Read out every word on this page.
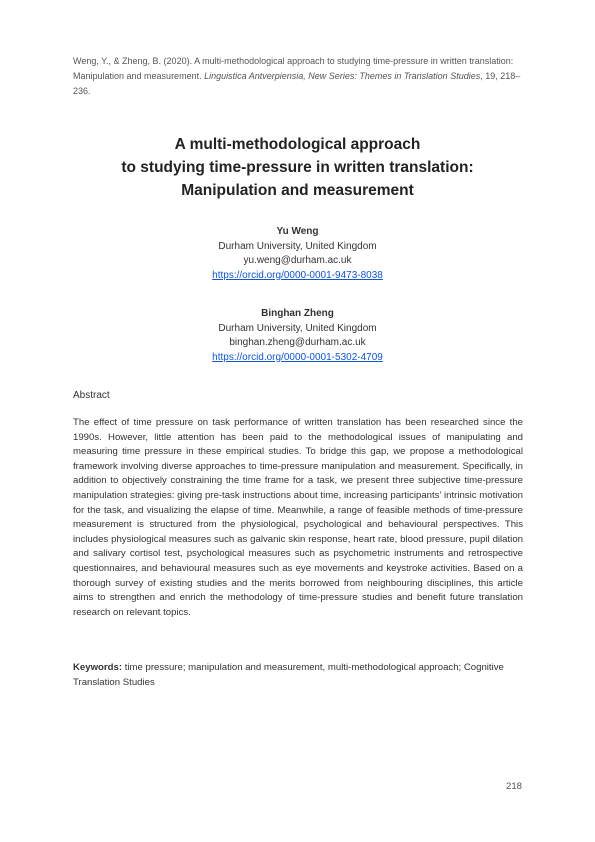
Weng, Y., & Zheng, B. (2020). A multi-methodological approach to studying time-pressure in written translation: Manipulation and measurement. Linguistica Antverpiensia, New Series: Themes in Translation Studies, 19, 218–236.
A multi-methodological approach
to studying time-pressure in written translation:
Manipulation and measurement
Yu Weng
Durham University, United Kingdom
yu.weng@durham.ac.uk
https://orcid.org/0000-0001-9473-8038
Binghan Zheng
Durham University, United Kingdom
binghan.zheng@durham.ac.uk
https://orcid.org/0000-0001-5302-4709
Abstract
The effect of time pressure on task performance of written translation has been researched since the 1990s. However, little attention has been paid to the methodological issues of manipulating and measuring time pressure in these empirical studies. To bridge this gap, we propose a methodological framework involving diverse approaches to time-pressure manipulation and measurement. Specifically, in addition to objectively constraining the time frame for a task, we present three subjective time-pressure manipulation strategies: giving pre-task instructions about time, increasing participants’ intrinsic motivation for the task, and visualizing the elapse of time. Meanwhile, a range of feasible methods of time-pressure measurement is structured from the physiological, psychological and behavioural perspectives. This includes physiological measures such as galvanic skin response, heart rate, blood pressure, pupil dilation and salivary cortisol test, psychological measures such as psychometric instruments and retrospective questionnaires, and behavioural measures such as eye movements and keystroke activities. Based on a thorough survey of existing studies and the merits borrowed from neighbouring disciplines, this article aims to strengthen and enrich the methodology of time-pressure studies and benefit future translation research on relevant topics.
Keywords: time pressure; manipulation and measurement, multi-methodological approach; Cognitive Translation Studies
218
